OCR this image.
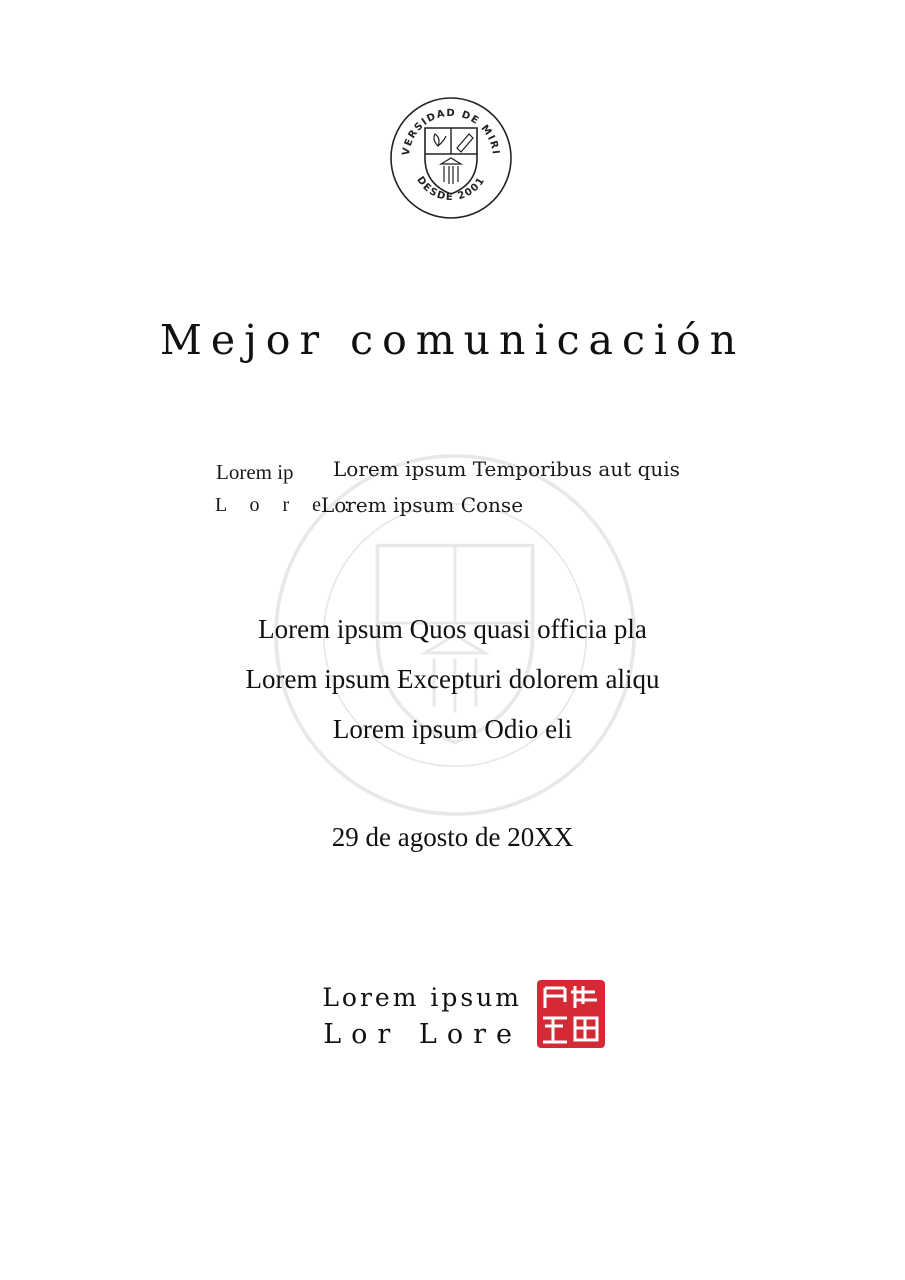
VERSIDAD DE MIRI
DESDE 2001
Mejor comunicación
Lorem ip Lorem ipsum Temporibus aut quis
L o r e :
Lorem ipsum Conse
Lorem ipsum Quos quasi officia pla
Lorem ipsum Excepturi dolorem aliqu
Lorem ipsum Odio eli
29 de agosto de 20XX
Lorem ipsum
Lor Lore
